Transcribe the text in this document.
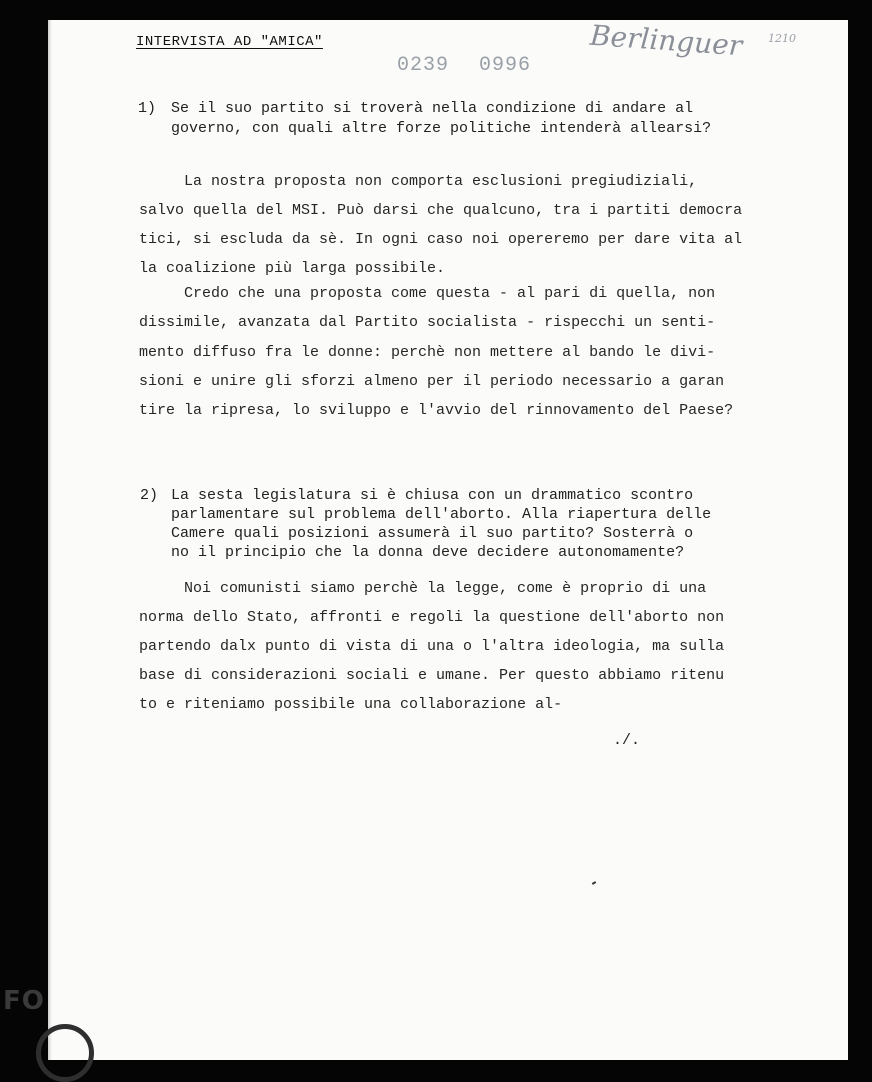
INTERVISTA AD "AMICA"
0239 0996
Berlinguer 1210
1) Se il suo partito si troverà nella condizione di andare al
governo, con quali altre forze politiche intenderà allearsi?
La nostra proposta non comporta esclusioni pregiudiziali,
salvo quella del MSI. Può darsi che qualcuno, tra i partiti democra
tici, si escluda da sè. In ogni caso noi opereremo per dare vita al
la coalizione più larga possibile.
Credo che una proposta come questa - al pari di quella, non
dissimile, avanzata dal Partito socialista - rispecchi un senti-
mento diffuso fra le donne: perchè non mettere al bando le divi-
sioni e unire gli sforzi almeno per il periodo necessario a garan
tire la ripresa, lo sviluppo e l'avvio del rinnovamento del Paese?
2) La sesta legislatura si è chiusa con un drammatico scontro
parlamentare sul problema dell'aborto. Alla riapertura delle
Camere quali posizioni assumerà il suo partito? Sosterrà o
no il principio che la donna deve decidere autonomamente?
Noi comunisti siamo perchè la legge, come è proprio di una
norma dello Stato, affronti e regoli la questione dell'aborto non
partendo dalx punto di vista di una o l'altra ideologia, ma sulla
base di considerazioni sociali e umane. Per questo abbiamo ritenu
to e riteniamo possibile una collaborazione al-
./.
FO
